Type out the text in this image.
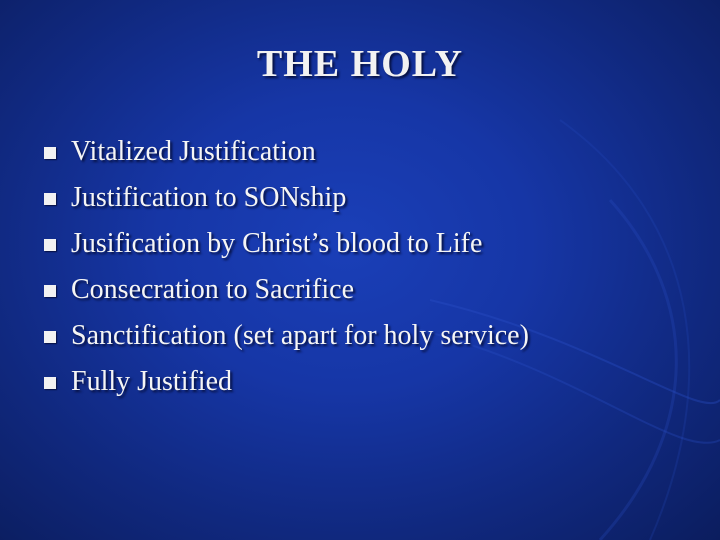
THE HOLY
Vitalized Justification
Justification to SONship
Jusification by Christ’s blood to Life
Consecration to Sacrifice
Sanctification (set apart for holy service)
Fully Justified
